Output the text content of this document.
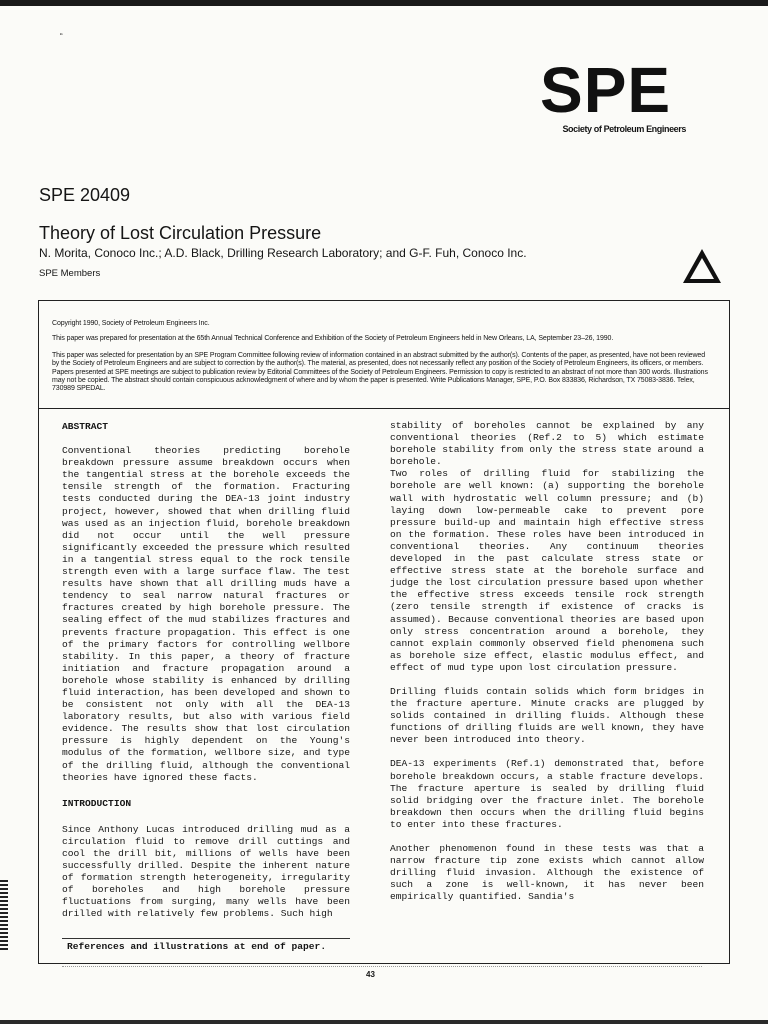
“
SPE
Society of Petroleum Engineers
SPE 20409
Theory of Lost Circulation Pressure
N. Morita, Conoco Inc.; A.D. Black, Drilling Research Laboratory; and G-F. Fuh, Conoco Inc.
SPE Members
Copyright 1990, Society of Petroleum Engineers Inc.
This paper was prepared for presentation at the 65th Annual Technical Conference and Exhibition of the Society of Petroleum Engineers held in New Orleans, LA, September 23–26, 1990.
This paper was selected for presentation by an SPE Program Committee following review of information contained in an abstract submitted by the author(s). Contents of the paper, as presented, have not been reviewed by the Society of Petroleum Engineers and are subject to correction by the author(s). The material, as presented, does not necessarily reflect any position of the Society of Petroleum Engineers, its officers, or members. Papers presented at SPE meetings are subject to publication review by Editorial Committees of the Society of Petroleum Engineers. Permission to copy is restricted to an abstract of not more than 300 words. Illustrations may not be copied. The abstract should contain conspicuous acknowledgment of where and by whom the paper is presented. Write Publications Manager, SPE, P.O. Box 833836, Richardson, TX 75083-3836. Telex, 730989 SPEDAL.

ABSTRACT

Conventional theories predicting borehole breakdown pressure assume breakdown occurs when the tangential stress at the borehole exceeds the tensile strength of the formation. Fracturing tests conducted during the DEA-13 joint industry project, however, showed that when drilling fluid was used as an injection fluid, borehole breakdown did not occur until the well pressure significantly exceeded the pressure which resulted in a tangential stress equal to the rock tensile strength even with a large surface flaw. The test results have shown that all drilling muds have a tendency to seal narrow natural fractures or fractures created by high borehole pressure. The sealing effect of the mud stabilizes fractures and prevents fracture propagation. This effect is one of the primary factors for controlling wellbore stability. In this paper, a theory of fracture initiation and fracture propagation around a borehole whose stability is enhanced by drilling fluid interaction, has been developed and shown to be consistent not only with all the DEA-13 laboratory results, but also with various field evidence. The results show that lost circulation pressure is highly dependent on the Young's modulus of the formation, wellbore size, and type of the drilling fluid, although the conventional theories have ignored these facts.

INTRODUCTION

Since Anthony Lucas introduced drilling mud as a circulation fluid to remove drill cuttings and cool the drill bit, millions of wells have been successfully drilled. Despite the inherent nature of formation strength heterogeneity, irregularity of boreholes and high borehole pressure fluctuations from surging, many wells have been drilled with relatively few problems. Such high

References and illustrations at end of paper.

stability of boreholes cannot be explained by any conventional theories (Ref.2 to 5) which estimate borehole stability from only the stress state around a borehole.

Two roles of drilling fluid for stabilizing the borehole are well known: (a) supporting the borehole wall with hydrostatic well column pressure; and (b) laying down low-permeable cake to prevent pore pressure build-up and maintain high effective stress on the formation. These roles have been introduced in conventional theories. Any continuum theories developed in the past calculate stress state or effective stress state at the borehole surface and judge the lost circulation pressure based upon whether the effective stress exceeds tensile rock strength (zero tensile strength if existence of cracks is assumed). Because conventional theories are based upon only stress concentration around a borehole, they cannot explain commonly observed field phenomena such as borehole size effect, elastic modulus effect, and effect of mud type upon lost circulation pressure.

Drilling fluids contain solids which form bridges in the fracture aperture. Minute cracks are plugged by solids contained in drilling fluids. Although these functions of drilling fluids are well known, they have never been introduced into theory.

DEA-13 experiments (Ref.1) demonstrated that, before borehole breakdown occurs, a stable fracture develops. The fracture aperture is sealed by drilling fluid solid bridging over the fracture inlet. The borehole breakdown then occurs when the drilling fluid begins to enter into these fractures.

Another phenomenon found in these tests was that a narrow fracture tip zone exists which cannot allow drilling fluid invasion. Although the existence of such a zone is well-known, it has never been empirically quantified. Sandia's

43
